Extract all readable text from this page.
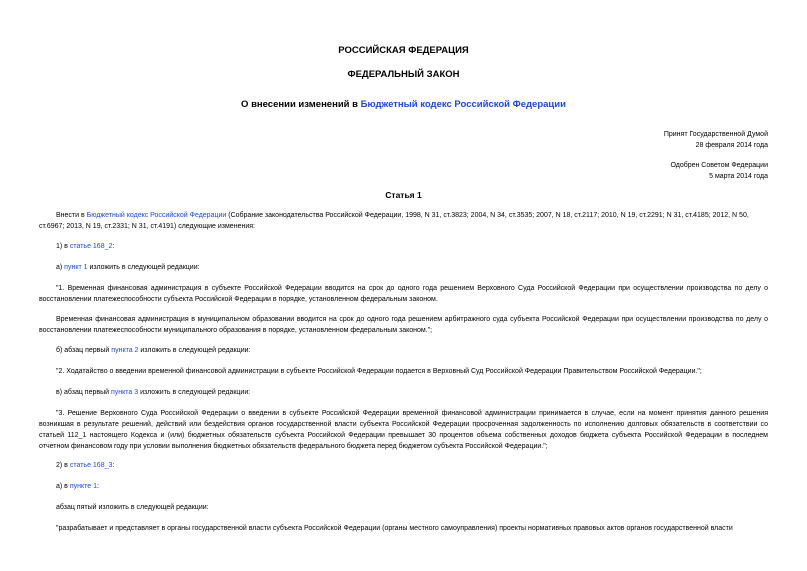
РОССИЙСКАЯ ФЕДЕРАЦИЯ
ФЕДЕРАЛЬНЫЙ ЗАКОН
О внесении изменений в Бюджетный кодекс Российской Федерации
Принят Государственной Думой
28 февраля 2014 года
Одобрен Советом Федерации
5 марта 2014 года
Статья 1

Внести в Бюджетный кодекс Российской Федерации (Собрание законодательства Российской Федерации, 1998, N 31, ст.3823; 2004, N 34, ст.3535; 2007, N 18, ст.2117; 2010, N 19, ст.2291; N 31, ст.4185; 2012, N 50, ст.6967; 2013, N 19, ст.2331; N 31, ст.4191) следующие изменения:

1) в статье 168_2:

а) пункт 1 изложить в следующей редакции:

"1. Временная финансовая администрация в субъекте Российской Федерации вводится на срок до одного года решением Верховного Суда Российской Федерации при осуществлении производства по делу о восстановлении платежеспособности субъекта Российской Федерации в порядке, установленном федеральным законом.

Временная финансовая администрация в муниципальном образовании вводится на срок до одного года решением арбитражного суда субъекта Российской Федерации при осуществлении производства по делу о восстановлении платежеспособности муниципального образования в порядке, установленном федеральным законом.";

б) абзац первый пункта 2 изложить в следующей редакции:

"2. Ходатайство о введении временной финансовой администрации в субъекте Российской Федерации подается в Верховный Суд Российской Федерации Правительством Российской Федерации.";

в) абзац первый пункта 3 изложить в следующей редакции:

"3. Решение Верховного Суда Российской Федерации о введении в субъекте Российской Федерации временной финансовой администрации принимается в случае, если на момент принятия данного решения возникшая в результате решений, действий или бездействия органов государственной власти субъекта Российской Федерации просроченная задолженность по исполнению долговых обязательств в соответствии со статьей 112_1 настоящего Кодекса и (или) бюджетных обязательств субъекта Российской Федерации превышает 30 процентов объема собственных доходов бюджета субъекта Российской Федерации в последнем отчетном финансовом году при условии выполнения бюджетных обязательств федерального бюджета перед бюджетом субъекта Российской Федерации.";

2) в статье 168_3:

а) в пункте 1:

абзац пятый изложить в следующей редакции:

"разрабатывает и представляет в органы государственной власти субъекта Российской Федерации (органы местного самоуправления) проекты нормативных правовых актов органов государственной власти
